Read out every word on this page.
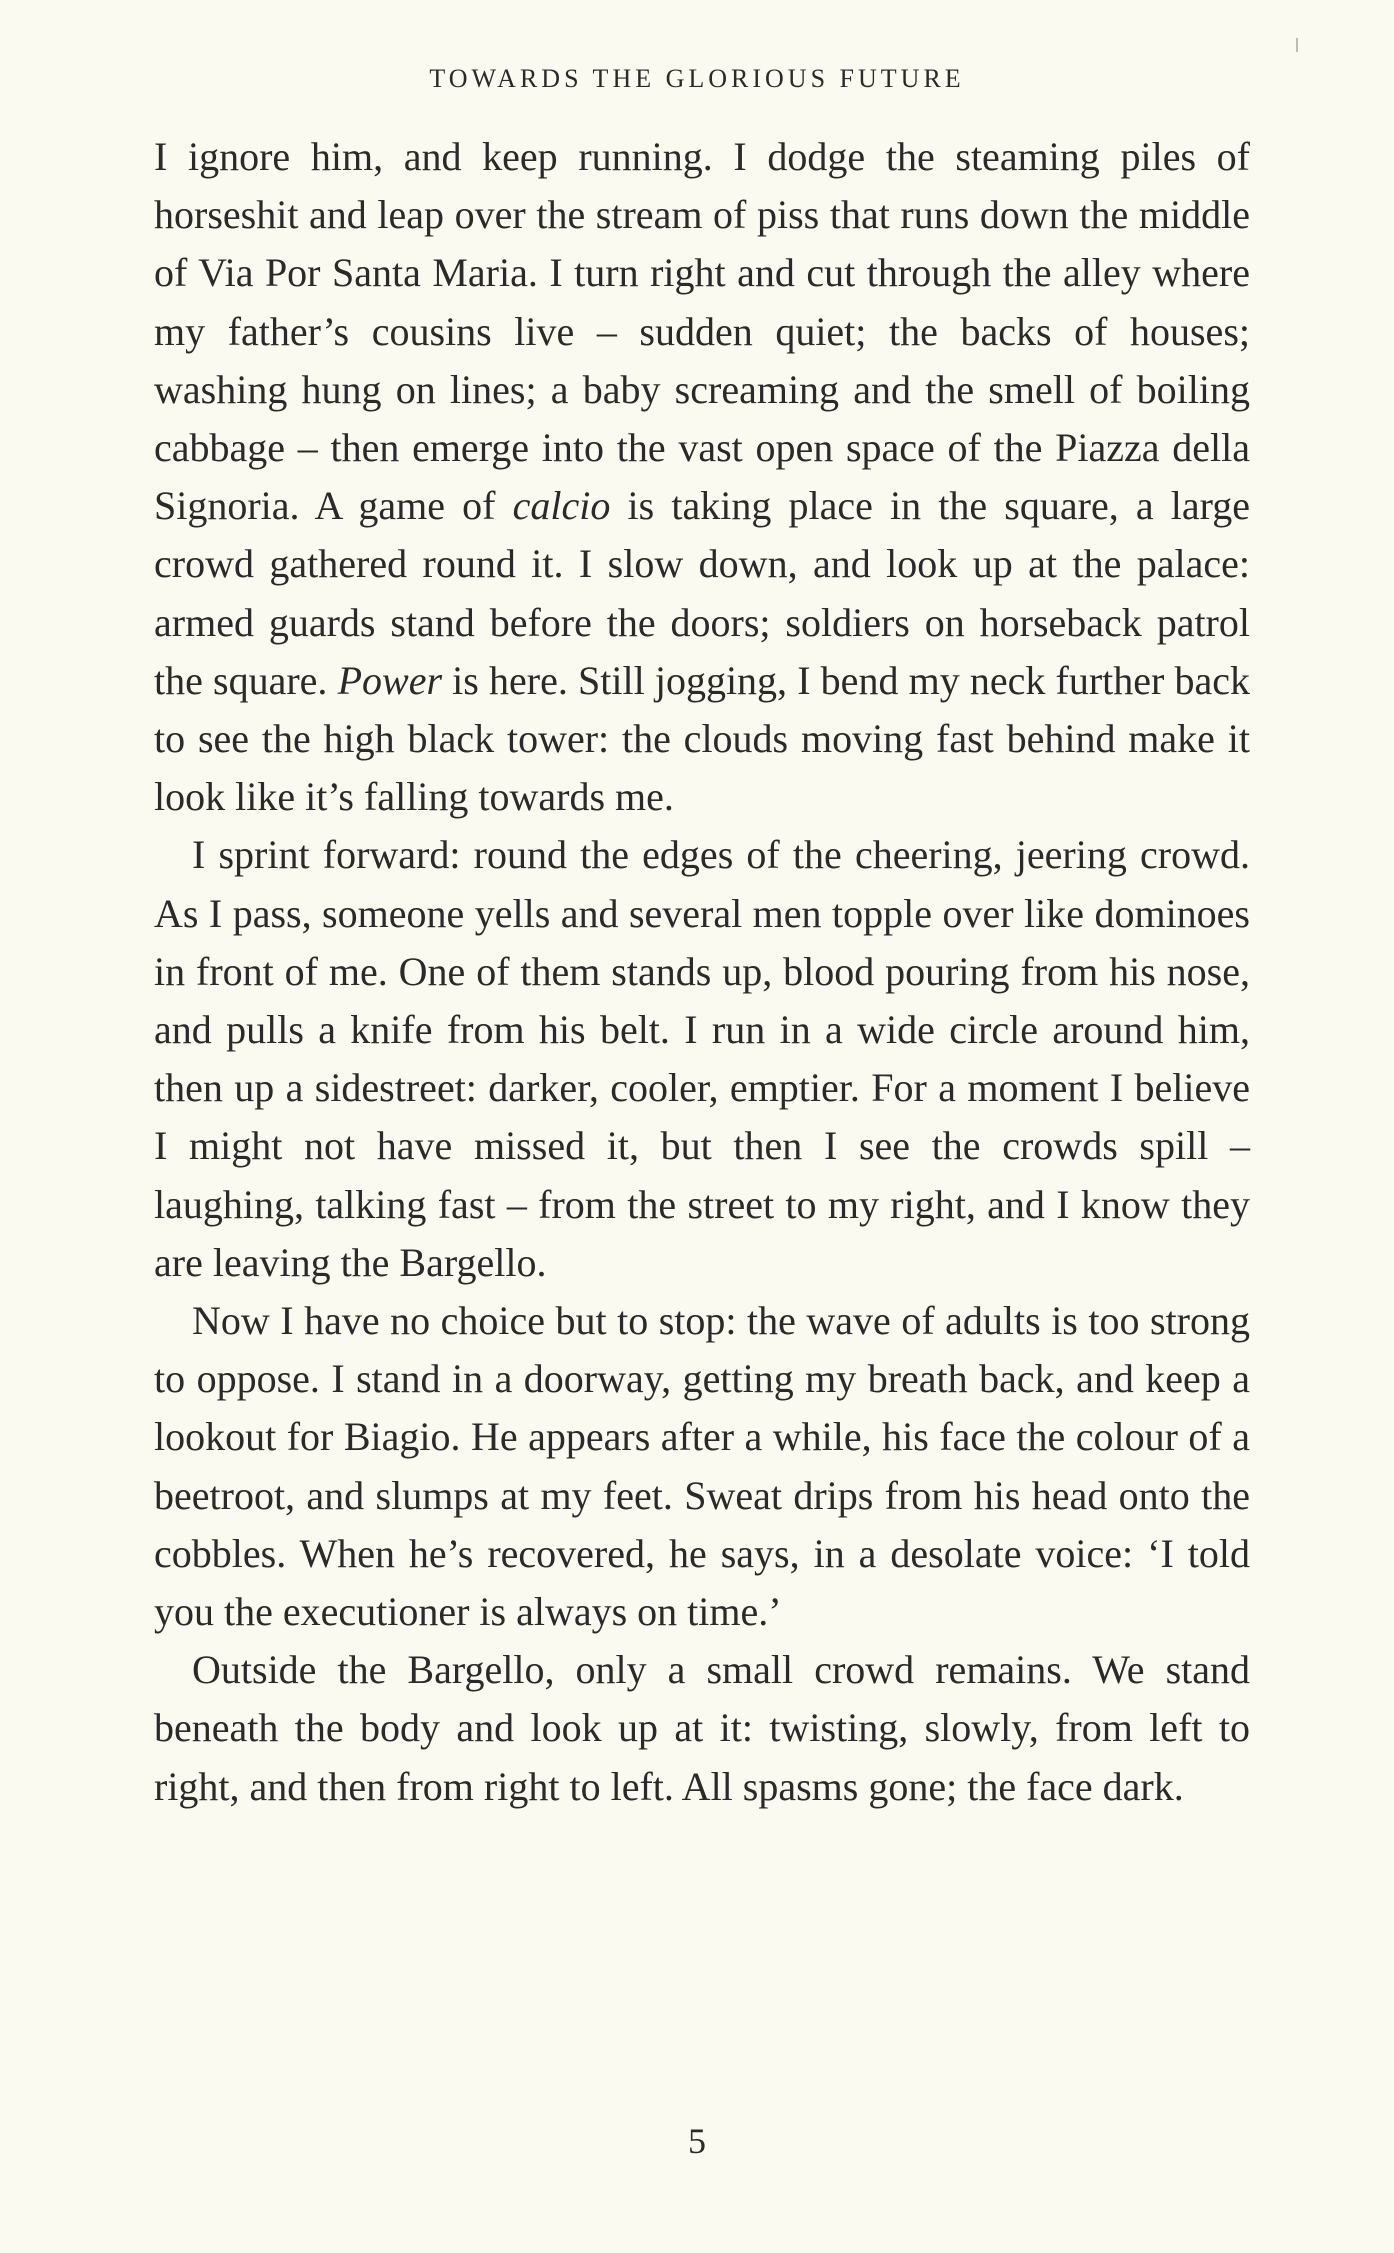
TOWARDS THE GLORIOUS FUTURE

I ignore him, and keep running. I dodge the steaming piles of horseshit and leap over the stream of piss that runs down the middle of Via Por Santa Maria. I turn right and cut through the alley where my father’s cousins live – sudden quiet; the backs of houses; washing hung on lines; a baby screaming and the smell of boiling cabbage – then emerge into the vast open space of the Piazza della Signoria. A game of calcio is taking place in the square, a large crowd gathered round it. I slow down, and look up at the palace: armed guards stand before the doors; soldiers on horseback patrol the square. Power is here. Still jogging, I bend my neck further back to see the high black tower: the clouds moving fast behind make it look like it’s falling towards me.

I sprint forward: round the edges of the cheering, jeering crowd. As I pass, someone yells and several men topple over like dominoes in front of me. One of them stands up, blood pouring from his nose, and pulls a knife from his belt. I run in a wide circle around him, then up a sidestreet: darker, cooler, emptier. For a moment I believe I might not have missed it, but then I see the crowds spill – laughing, talking fast – from the street to my right, and I know they are leaving the Bargello.

Now I have no choice but to stop: the wave of adults is too strong to oppose. I stand in a doorway, getting my breath back, and keep a lookout for Biagio. He appears after a while, his face the colour of a beetroot, and slumps at my feet. Sweat drips from his head onto the cobbles. When he’s recovered, he says, in a desolate voice: ‘I told you the executioner is always on time.’

Outside the Bargello, only a small crowd remains. We stand beneath the body and look up at it: twisting, slowly, from left to right, and then from right to left. All spasms gone; the face dark.

5
